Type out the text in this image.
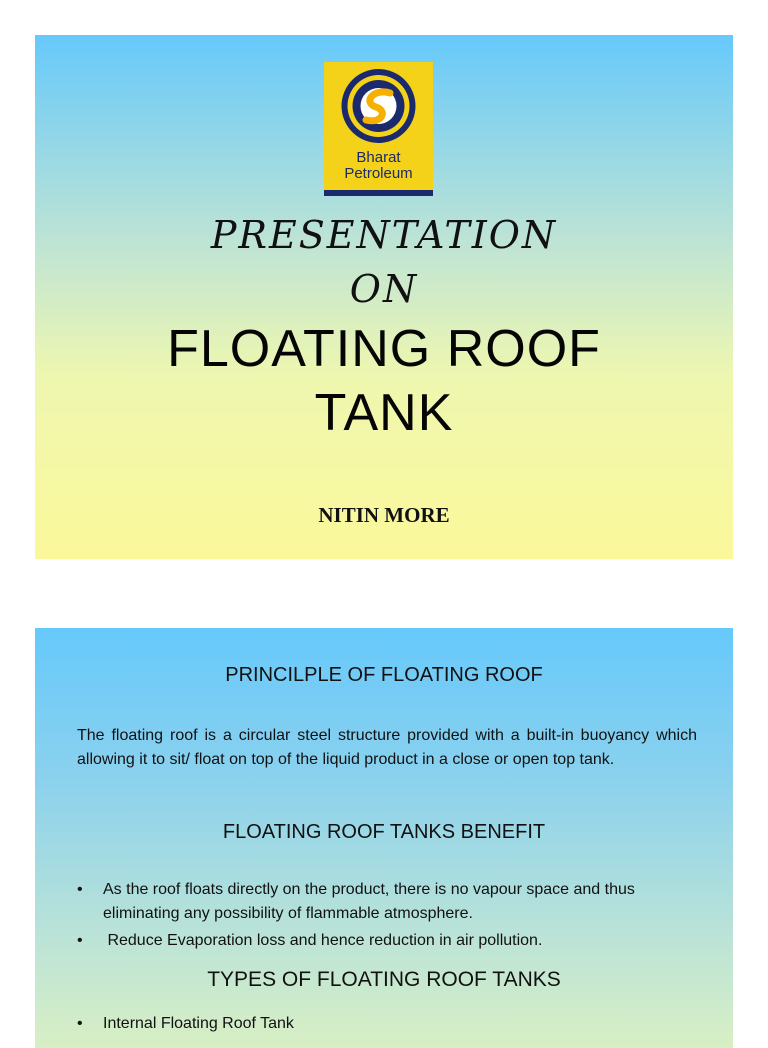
Bharat
Petroleum
PRESENTATION
ON
FLOATING ROOF
TANK
NITIN MORE
PRINCILPLE OF FLOATING ROOF
The floating roof is a circular steel structure provided with a built-in buoyancy which allowing it to sit/ float on top of the liquid product in a close or open top tank.
FLOATING ROOF TANKS BENEFIT
•	As the roof floats directly on the product, there is no vapour space and thus eliminating any possibility of flammable atmosphere.
•	Reduce Evaporation loss and hence reduction in air pollution.
TYPES OF FLOATING ROOF TANKS
•	Internal Floating Roof Tank
